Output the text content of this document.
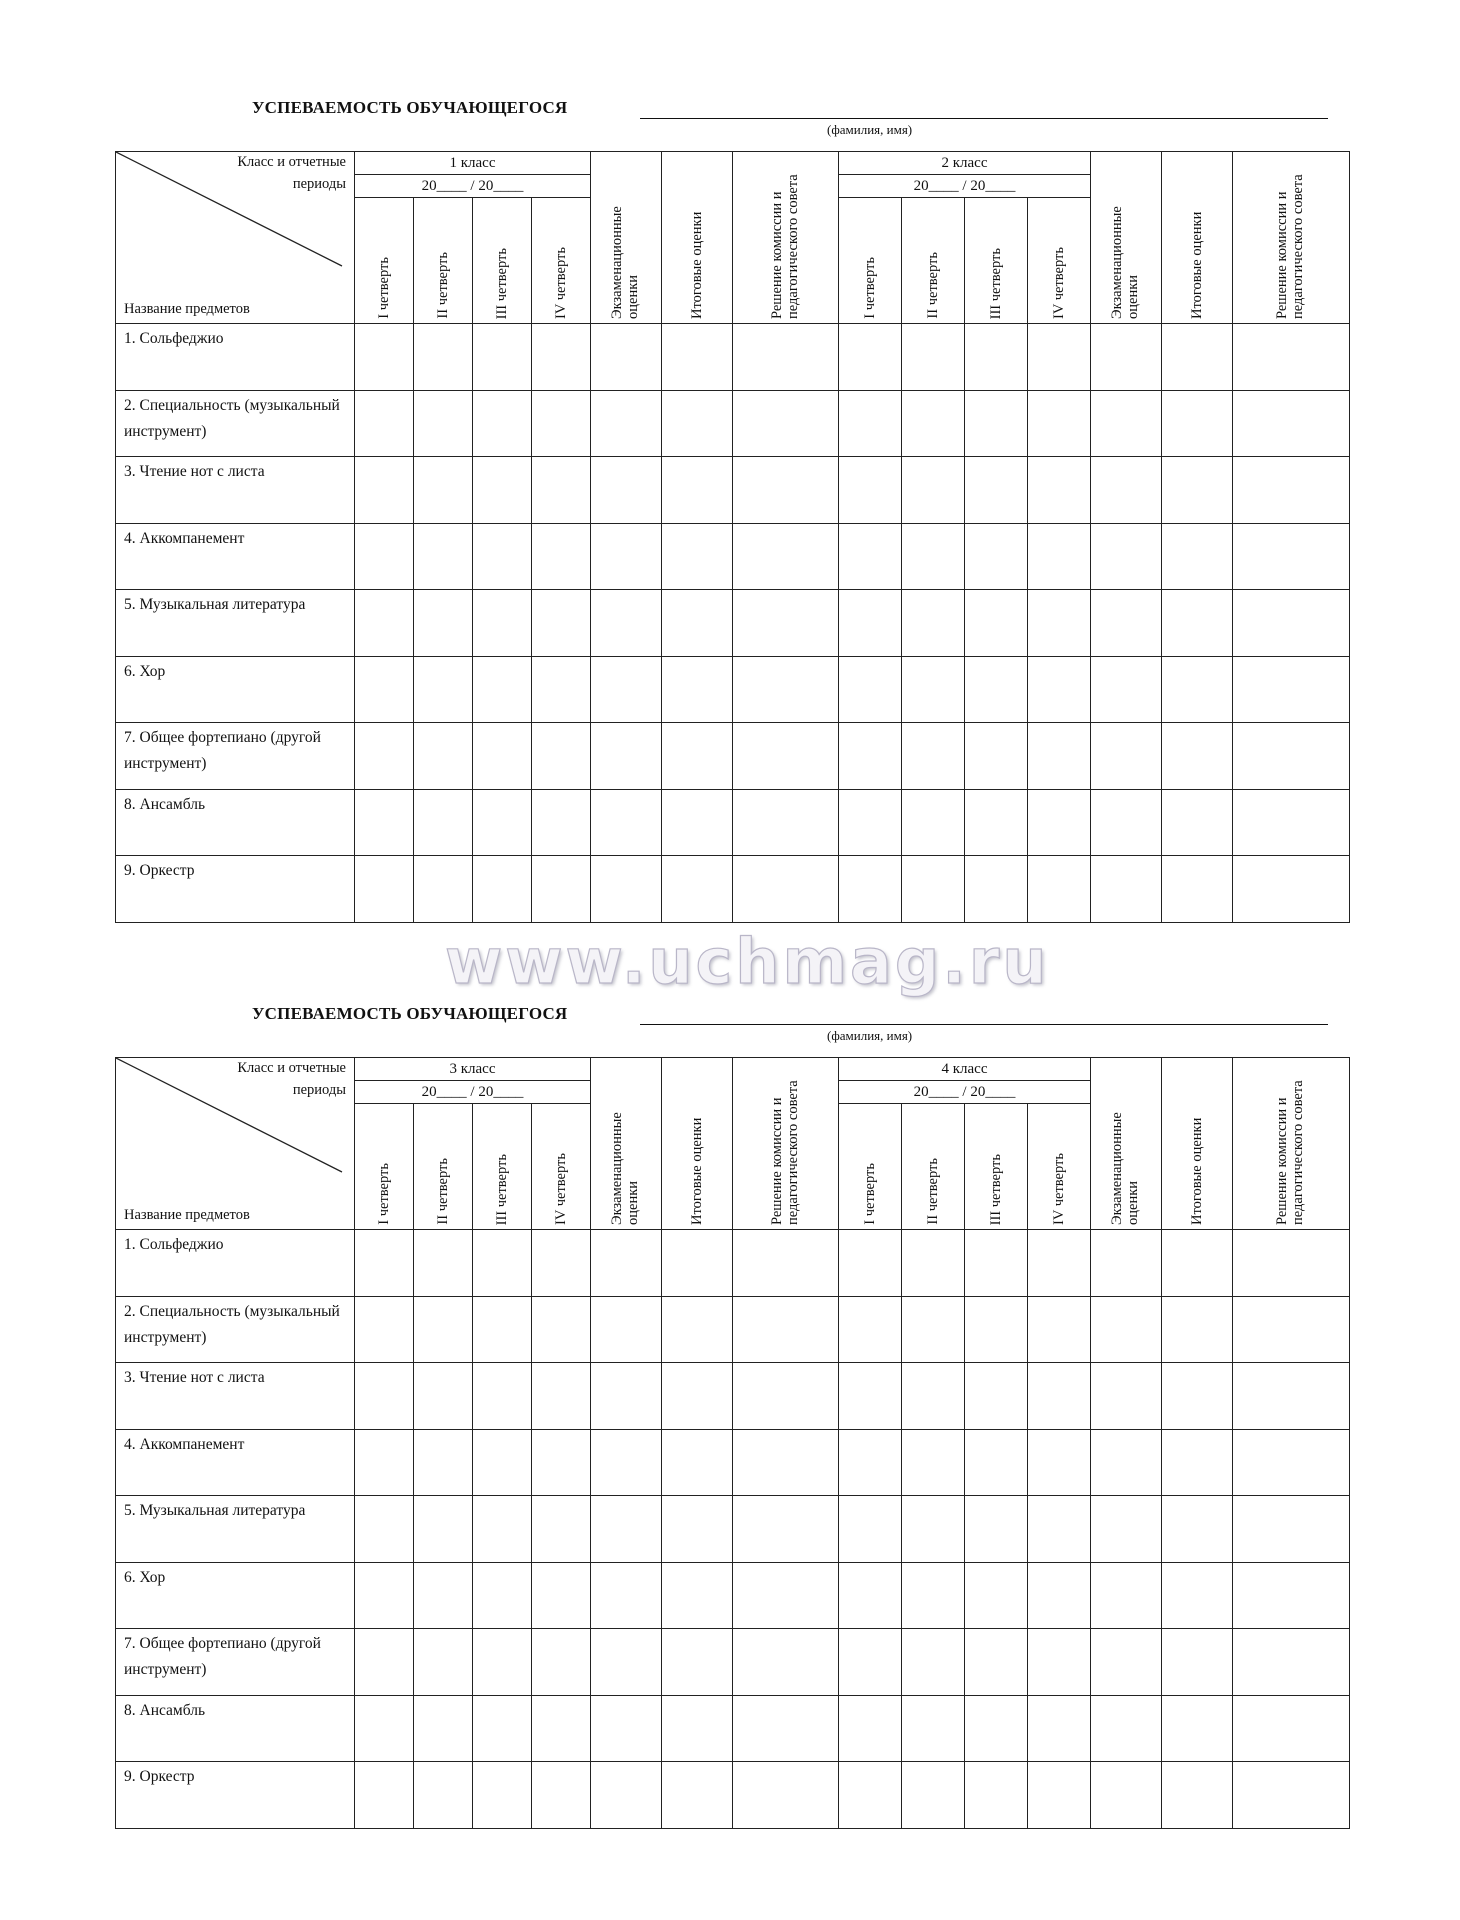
УСПЕВАЕМОСТЬ ОБУЧАЮЩЕГОСЯ
(фамилия, имя)
Класс и отчетные
периоды
Название предметов	1 класс				Экзаменационные оценки	Итоговые оценки	Решение комиссии и педагогического совета	2 класс				Экзаменационные оценки	Итоговые оценки	Решение комиссии и педагогического совета

	20____ / 20____							20____ / 20____						

	I четверть	II четверть	III четверть	IV четверть				I четверть	II четверть	III четверть	IV четверть			

1. Сольфеджио														
2. Специальность (музыкальный инструмент)														
3. Чтение нот с листа														
4. Аккомпанемент														
5. Музыкальная литература														
6. Хор														
7. Общее фортепиано (другой инструмент)														
8. Ансамбль														
9. Оркестр														
УСПЕВАЕМОСТЬ ОБУЧАЮЩЕГОСЯ
(фамилия, имя)
Класс и отчетные
периоды
Название предметов	3 класс				Экзаменационные оценки	Итоговые оценки	Решение комиссии и педагогического совета	4 класс				Экзаменационные оценки	Итоговые оценки	Решение комиссии и педагогического совета

	20____ / 20____							20____ / 20____						

	I четверть	II четверть	III четверть	IV четверть				I четверть	II четверть	III четверть	IV четверть			

1. Сольфеджио														
2. Специальность (музыкальный инструмент)														
3. Чтение нот с листа														
4. Аккомпанемент														
5. Музыкальная литература														
6. Хор														
7. Общее фортепиано (другой инструмент)														
8. Ансамбль														
9. Оркестр														
www.uchmag.ru
